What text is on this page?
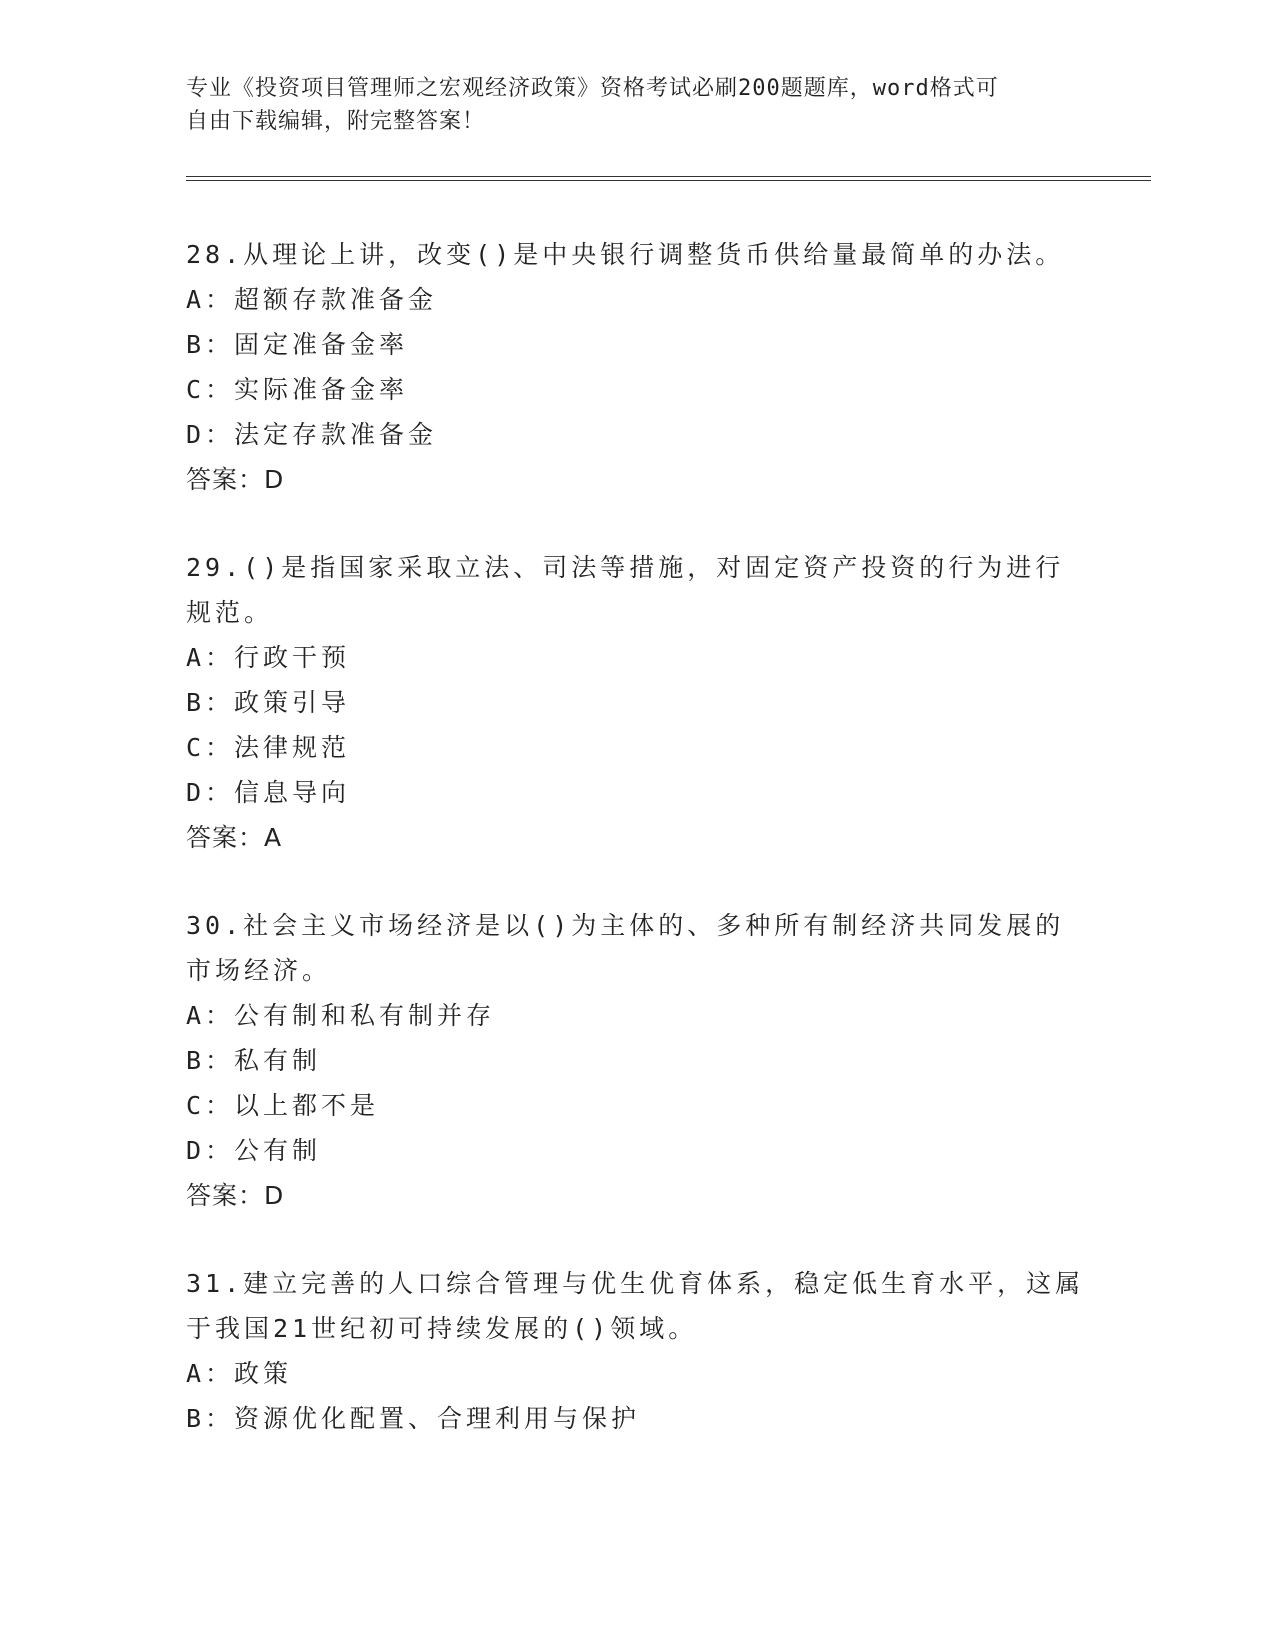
专业《投资项目管理师之宏观经济政策》资格考试必刷200题题库，word格式可
自由下载编辑，附完整答案！

28.从理论上讲，改变()是中央银行调整货币供给量最简单的办法。

A：超额存款准备金

B：固定准备金率

C：实际准备金率

D：法定存款准备金

答案：D

29.()是指国家采取立法、司法等措施，对固定资产投资的行为进行规范。

A：行政干预

B：政策引导

C：法律规范

D：信息导向

答案：A

30.社会主义市场经济是以()为主体的、多种所有制经济共同发展的市场经济。

A：公有制和私有制并存

B：私有制

C：以上都不是

D：公有制

答案：D

31.建立完善的人口综合管理与优生优育体系，稳定低生育水平，这属于我国21世纪初可持续发展的()领域。

A：政策

B：资源优化配置、合理利用与保护
